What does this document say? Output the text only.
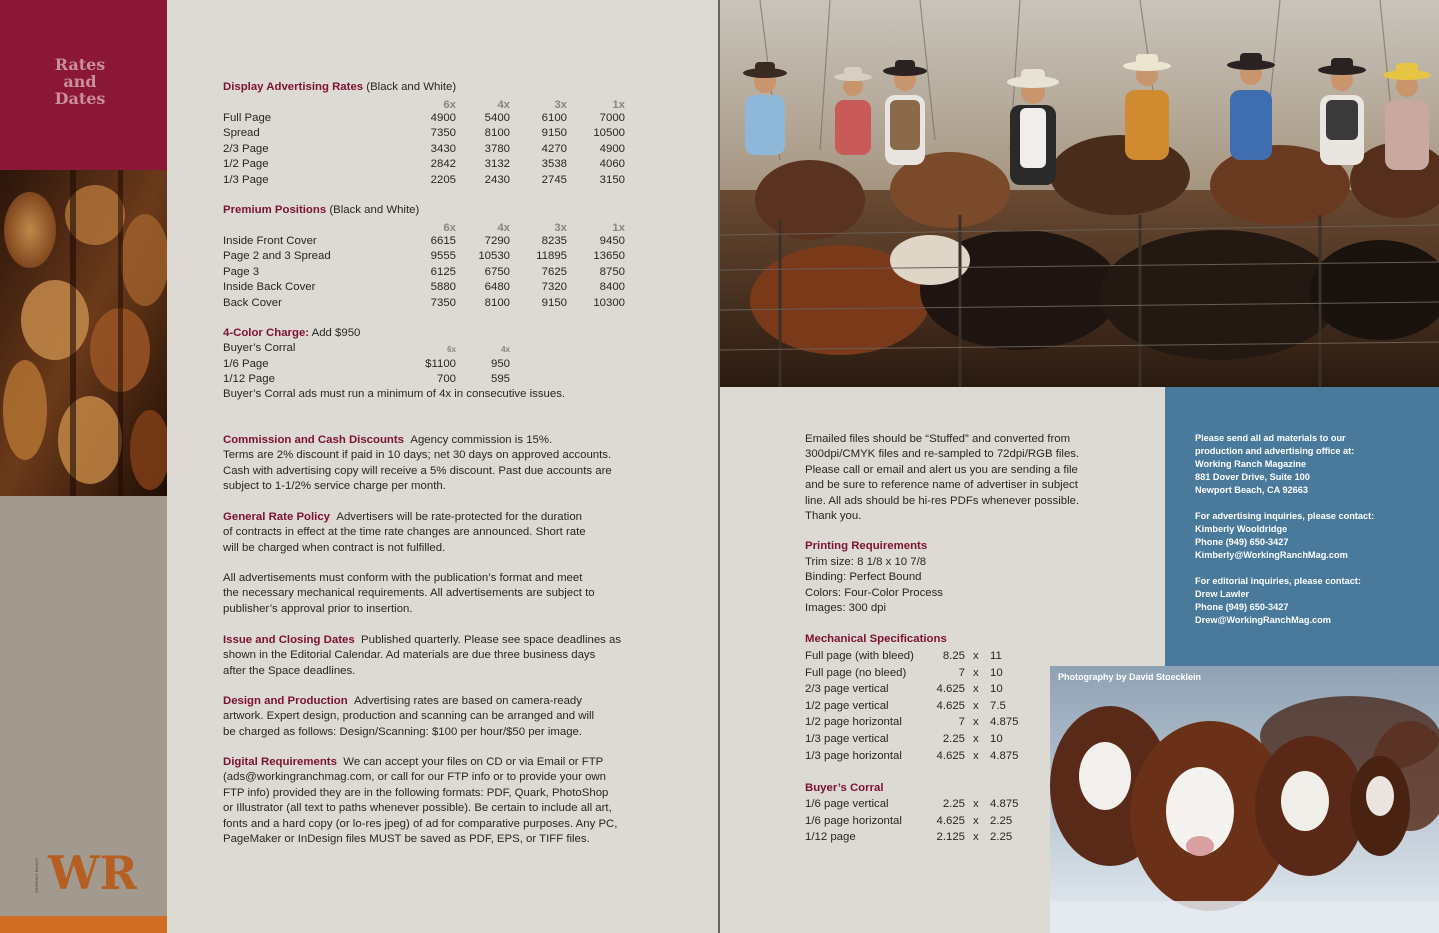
Rates
and
Dates
WR
WORKING RANCH
Display Advertising Rates (Black and White)
6x	4x	3x	1x
Full Page	4900	5400	6100	7000
Spread	7350	8100	9150	10500
2/3 Page	3430	3780	4270	4900
1/2 Page	2842	3132	3538	4060
1/3 Page	2205	2430	2745	3150
Premium Positions (Black and White)
6x	4x	3x	1x
Inside Front Cover	6615	7290	8235	9450
Page 2 and 3 Spread	9555	10530	11895	13650
Page 3	6125	6750	7625	8750
Inside Back Cover	5880	6480	7320	8400
Back Cover	7350	8100	9150	10300
4-Color Charge: Add $950
Buyer’s Corral	6x	4x
1/6 Page	$1100	950
1/12 Page	700	595
Buyer’s Corral ads must run a minimum of 4x in consecutive issues.
Commission and Cash Discounts Agency commission is 15%.
Terms are 2% discount if paid in 10 days; net 30 days on approved accounts.
Cash with advertising copy will receive a 5% discount. Past due accounts are
subject to 1-1/2% service charge per month.
General Rate Policy Advertisers will be rate-protected for the duration
of contracts in effect at the time rate changes are announced. Short rate
will be charged when contract is not fulfilled.
All advertisements must conform with the publication’s format and meet
the necessary mechanical requirements. All advertisements are subject to
publisher’s approval prior to insertion.
Issue and Closing Dates Published quarterly. Please see space deadlines as
shown in the Editorial Calendar. Ad materials are due three business days
after the Space deadlines.
Design and Production Advertising rates are based on camera-ready
artwork. Expert design, production and scanning can be arranged and will
be charged as follows: Design/Scanning: $100 per hour/$50 per image.
Digital Requirements We can accept your files on CD or via Email or FTP
(ads@workingranchmag.com, or call for our FTP info or to provide your own
FTP info) provided they are in the following formats: PDF, Quark, PhotoShop
or Illustrator (all text to paths whenever possible). Be certain to include all art,
fonts and a hard copy (or lo-res jpeg) of ad for comparative purposes. Any PC,
PageMaker or InDesign files MUST be saved as PDF, EPS, or TIFF files.
Emailed files should be “Stuffed” and converted from
300dpi/CMYK files and re-sampled to 72dpi/RGB files.
Please call or email and alert us you are sending a file
and be sure to reference name of advertiser in subject
line. All ads should be hi-res PDFs whenever possible.
Thank you.
Printing Requirements
Trim size: 8 1/8 x 10 7/8
Binding: Perfect Bound
Colors: Four-Color Process
Images: 300 dpi
Mechanical Specifications
Full page (with bleed)	8.25 x 11
Full page (no bleed)	7 x 10
2/3 page vertical	4.625 x 10
1/2 page vertical	4.625 x 7.5
1/2 page horizontal	7 x 4.875
1/3 page vertical	2.25 x 10
1/3 page horizontal	4.625 x 4.875
Buyer’s Corral
1/6 page vertical	2.25 x 4.875
1/6 page horizontal	4.625 x 2.25
1/12 page	2.125 x 2.25
Please send all ad materials to our
production and advertising office at:
Working Ranch Magazine
881 Dover Drive, Suite 100
Newport Beach, CA 92663
For advertising inquiries, please contact:
Kimberly Wooldridge
Phone (949) 650-3427
Kimberly@WorkingRanchMag.com
For editorial inquiries, please contact:
Drew Lawler
Phone (949) 650-3427
Drew@WorkingRanchMag.com
Photography by David Stoecklein
